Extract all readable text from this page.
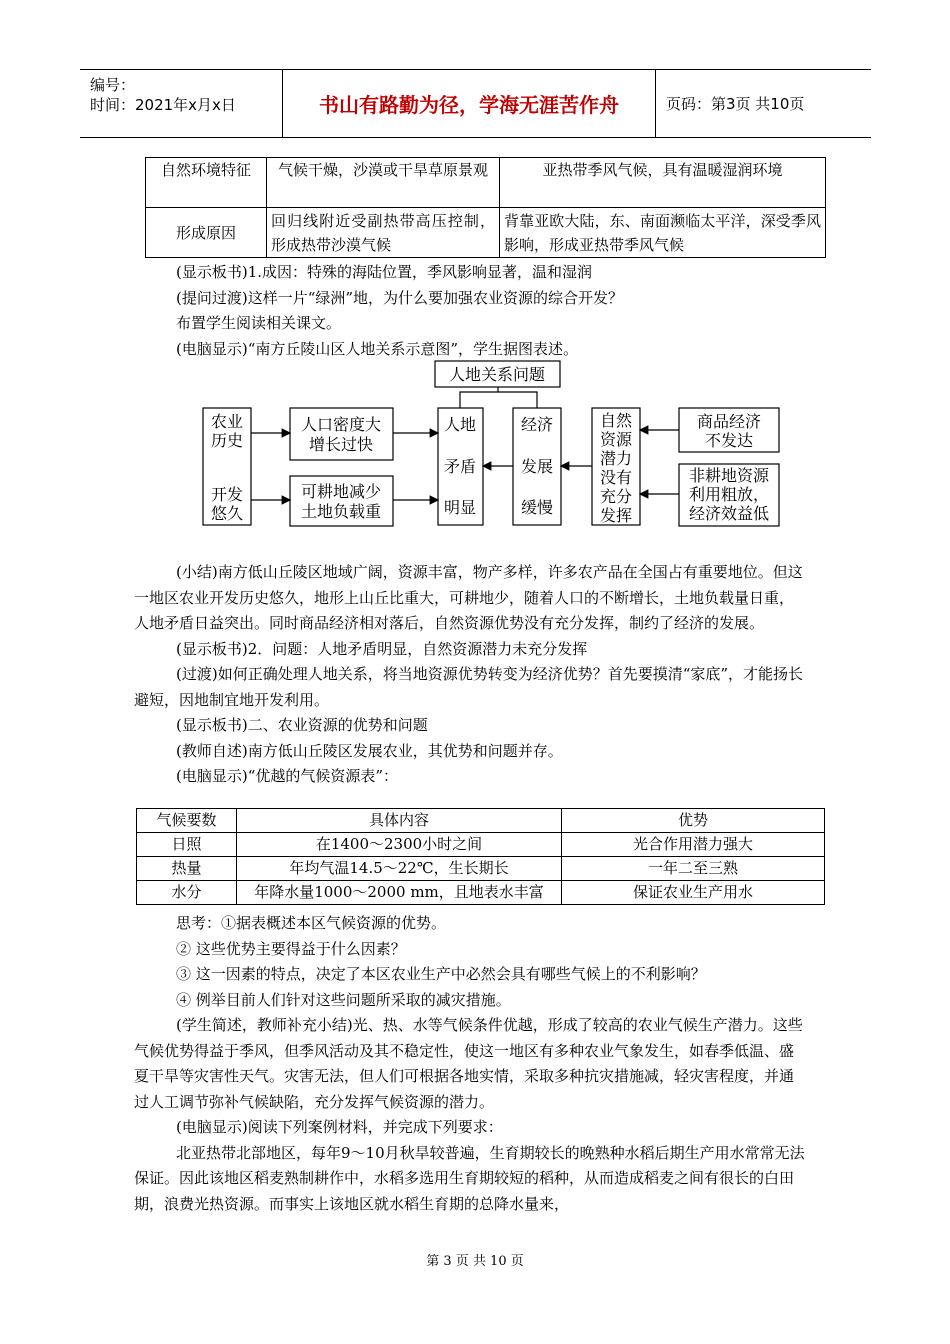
编号：
时间：2021年x月x日	书山有路勤为径，学海无涯苦作舟	页码：第3页 共10页
自然环境特征	气候干燥，沙漠或干旱草原景观	亚热带季风气候，具有温暖湿润环境
形成原因	回归线附近受副热带高压控制，形成热带沙漠气候	背靠亚欧大陆，东、南面濒临太平洋，深受季风影响，形成亚热带季风气候
(显示板书)1.成因：特殊的海陆位置，季风影响显著，温和湿润
(提问过渡)这样一片“绿洲”地，为什么要加强农业资源的综合开发？
布置学生阅读相关课文。
(电脑显示)“南方丘陵山区人地关系示意图”，学生据图表述。
人地关系问题
农业
历史
开发
悠久
人口密度大
增长过快
可耕地减少
土地负载重
人地
矛盾
明显
经济
发展
缓慢
自然
资源
潜力
没有
充分
发挥
商品经济
不发达
非耕地资源
利用粗放，
经济效益低
(小结)南方低山丘陵区地域广阔，资源丰富，物产多样，许多农产品在全国占有重要地位。但这一地区农业开发历史悠久，地形上山丘比重大，可耕地少，随着人口的不断增长，土地负载量日重，人地矛盾日益突出。同时商品经济相对落后，自然资源优势没有充分发挥，制约了经济的发展。
(显示板书)2．问题：人地矛盾明显，自然资源潜力未充分发挥
(过渡)如何正确处理人地关系，将当地资源优势转变为经济优势？首先要摸清“家底”，才能扬长避短，因地制宜地开发利用。
(显示板书)二、农业资源的优势和问题
(教师自述)南方低山丘陵区发展农业，其优势和问题并存。
(电脑显示)“优越的气候资源表”：
气候要数	具体内容	优势
日照	在1400～2300小时之间	光合作用潜力强大
热量	年均气温14.5～22℃，生长期长	一年二至三熟
水分	年降水量1000～2000 mm，且地表水丰富	保证农业生产用水
思考：①据表概述本区气候资源的优势。
② 这些优势主要得益于什么因素？
③ 这一因素的特点，决定了本区农业生产中必然会具有哪些气候上的不利影响？
④ 例举目前人们针对这些问题所采取的减灾措施。
(学生简述，教师补充小结)光、热、水等气候条件优越，形成了较高的农业气候生产潜力。这些气候优势得益于季风，但季风活动及其不稳定性，使这一地区有多种农业气象发生，如春季低温、盛夏干旱等灾害性天气。灾害无法，但人们可根据各地实情，采取多种抗灾措施减，轻灾害程度，并通过人工调节弥补气候缺陷，充分发挥气候资源的潜力。
(电脑显示)阅读下列案例材料，并完成下列要求：
北亚热带北部地区，每年9～10月秋旱较普遍，生育期较长的晚熟种水稻后期生产用水常常无法保证。因此该地区稻麦熟制耕作中，水稻多选用生育期较短的稻种，从而造成稻麦之间有很长的白田期，浪费光热资源。而事实上该地区就水稻生育期的总降水量来，
第 3 页 共 10 页
